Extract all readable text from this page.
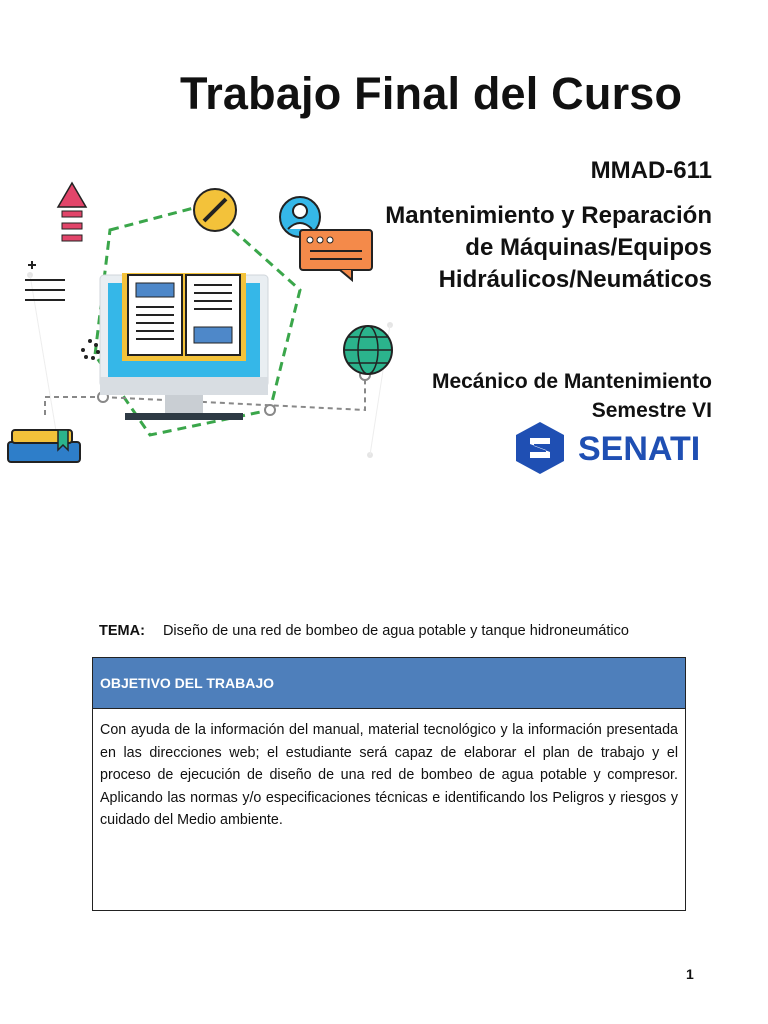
Trabajo Final del Curso
MMAD-611
Mantenimiento y Reparación
de Máquinas/Equipos
Hidráulicos/Neumáticos
Mecánico de Mantenimiento
Semestre VI
SENATI
TEMA: Diseño de una red de bombeo de agua potable y tanque hidroneumático
OBJETIVO DEL TRABAJO
Con ayuda de la información del manual, material tecnológico y la información presentada en las direcciones web; el estudiante será capaz de elaborar el plan de trabajo y el proceso de ejecución de diseño de una red de bombeo de agua potable y compresor. Aplicando las normas y/o especificaciones técnicas e identificando los Peligros y riesgos y cuidado del Medio ambiente.
1
